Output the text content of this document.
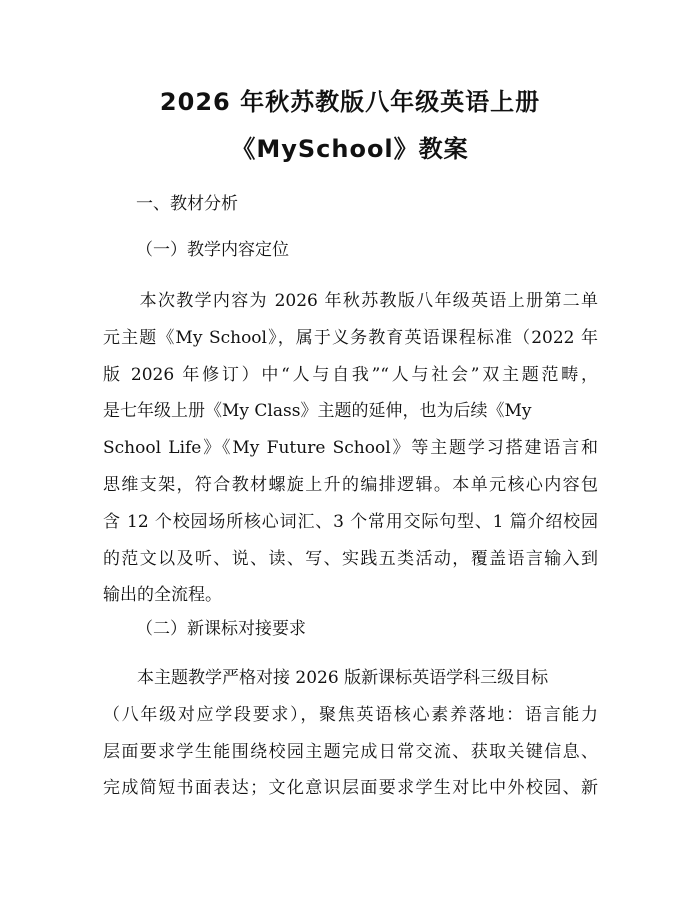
2026 年秋苏教版八年级英语上册
《MySchool》教案
一、教材分析
（一）教学内容定位
　　本次教学内容为 2026 年秋苏教版八年级英语上册第二单
元主题《My School》，属于义务教育英语课程标准（2022 年
版 2026 年修订）中“人与自我”“人与社会”双主题范畴，
是七年级上册《My Class》主题的延伸，也为后续《My
School Life》《My Future School》等主题学习搭建语言和
思维支架，符合教材螺旋上升的编排逻辑。本单元核心内容包
含 12 个校园场所核心词汇、3 个常用交际句型、1 篇介绍校园
的范文以及听、说、读、写、实践五类活动，覆盖语言输入到
输出的全流程。
（二）新课标对接要求
　　本主题教学严格对接 2026 版新课标英语学科三级目标
（八年级对应学段要求），聚焦英语核心素养落地：语言能力
层面要求学生能围绕校园主题完成日常交流、获取关键信息、
完成简短书面表达；文化意识层面要求学生对比中外校园、新
